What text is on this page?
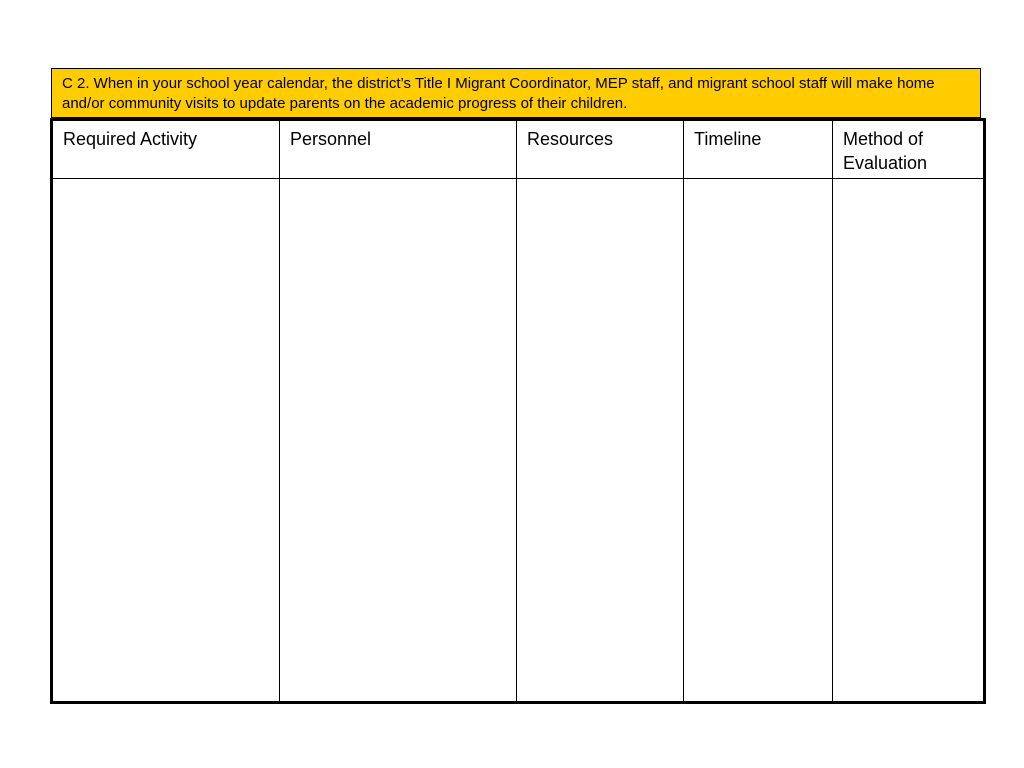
C 2. When in your school year calendar, the district’s Title I Migrant Coordinator, MEP staff, and migrant school staff will make home and/or community visits to update parents on the academic progress of their children.
Required Activity	Personnel	Resources	Timeline	Method of Evaluation
